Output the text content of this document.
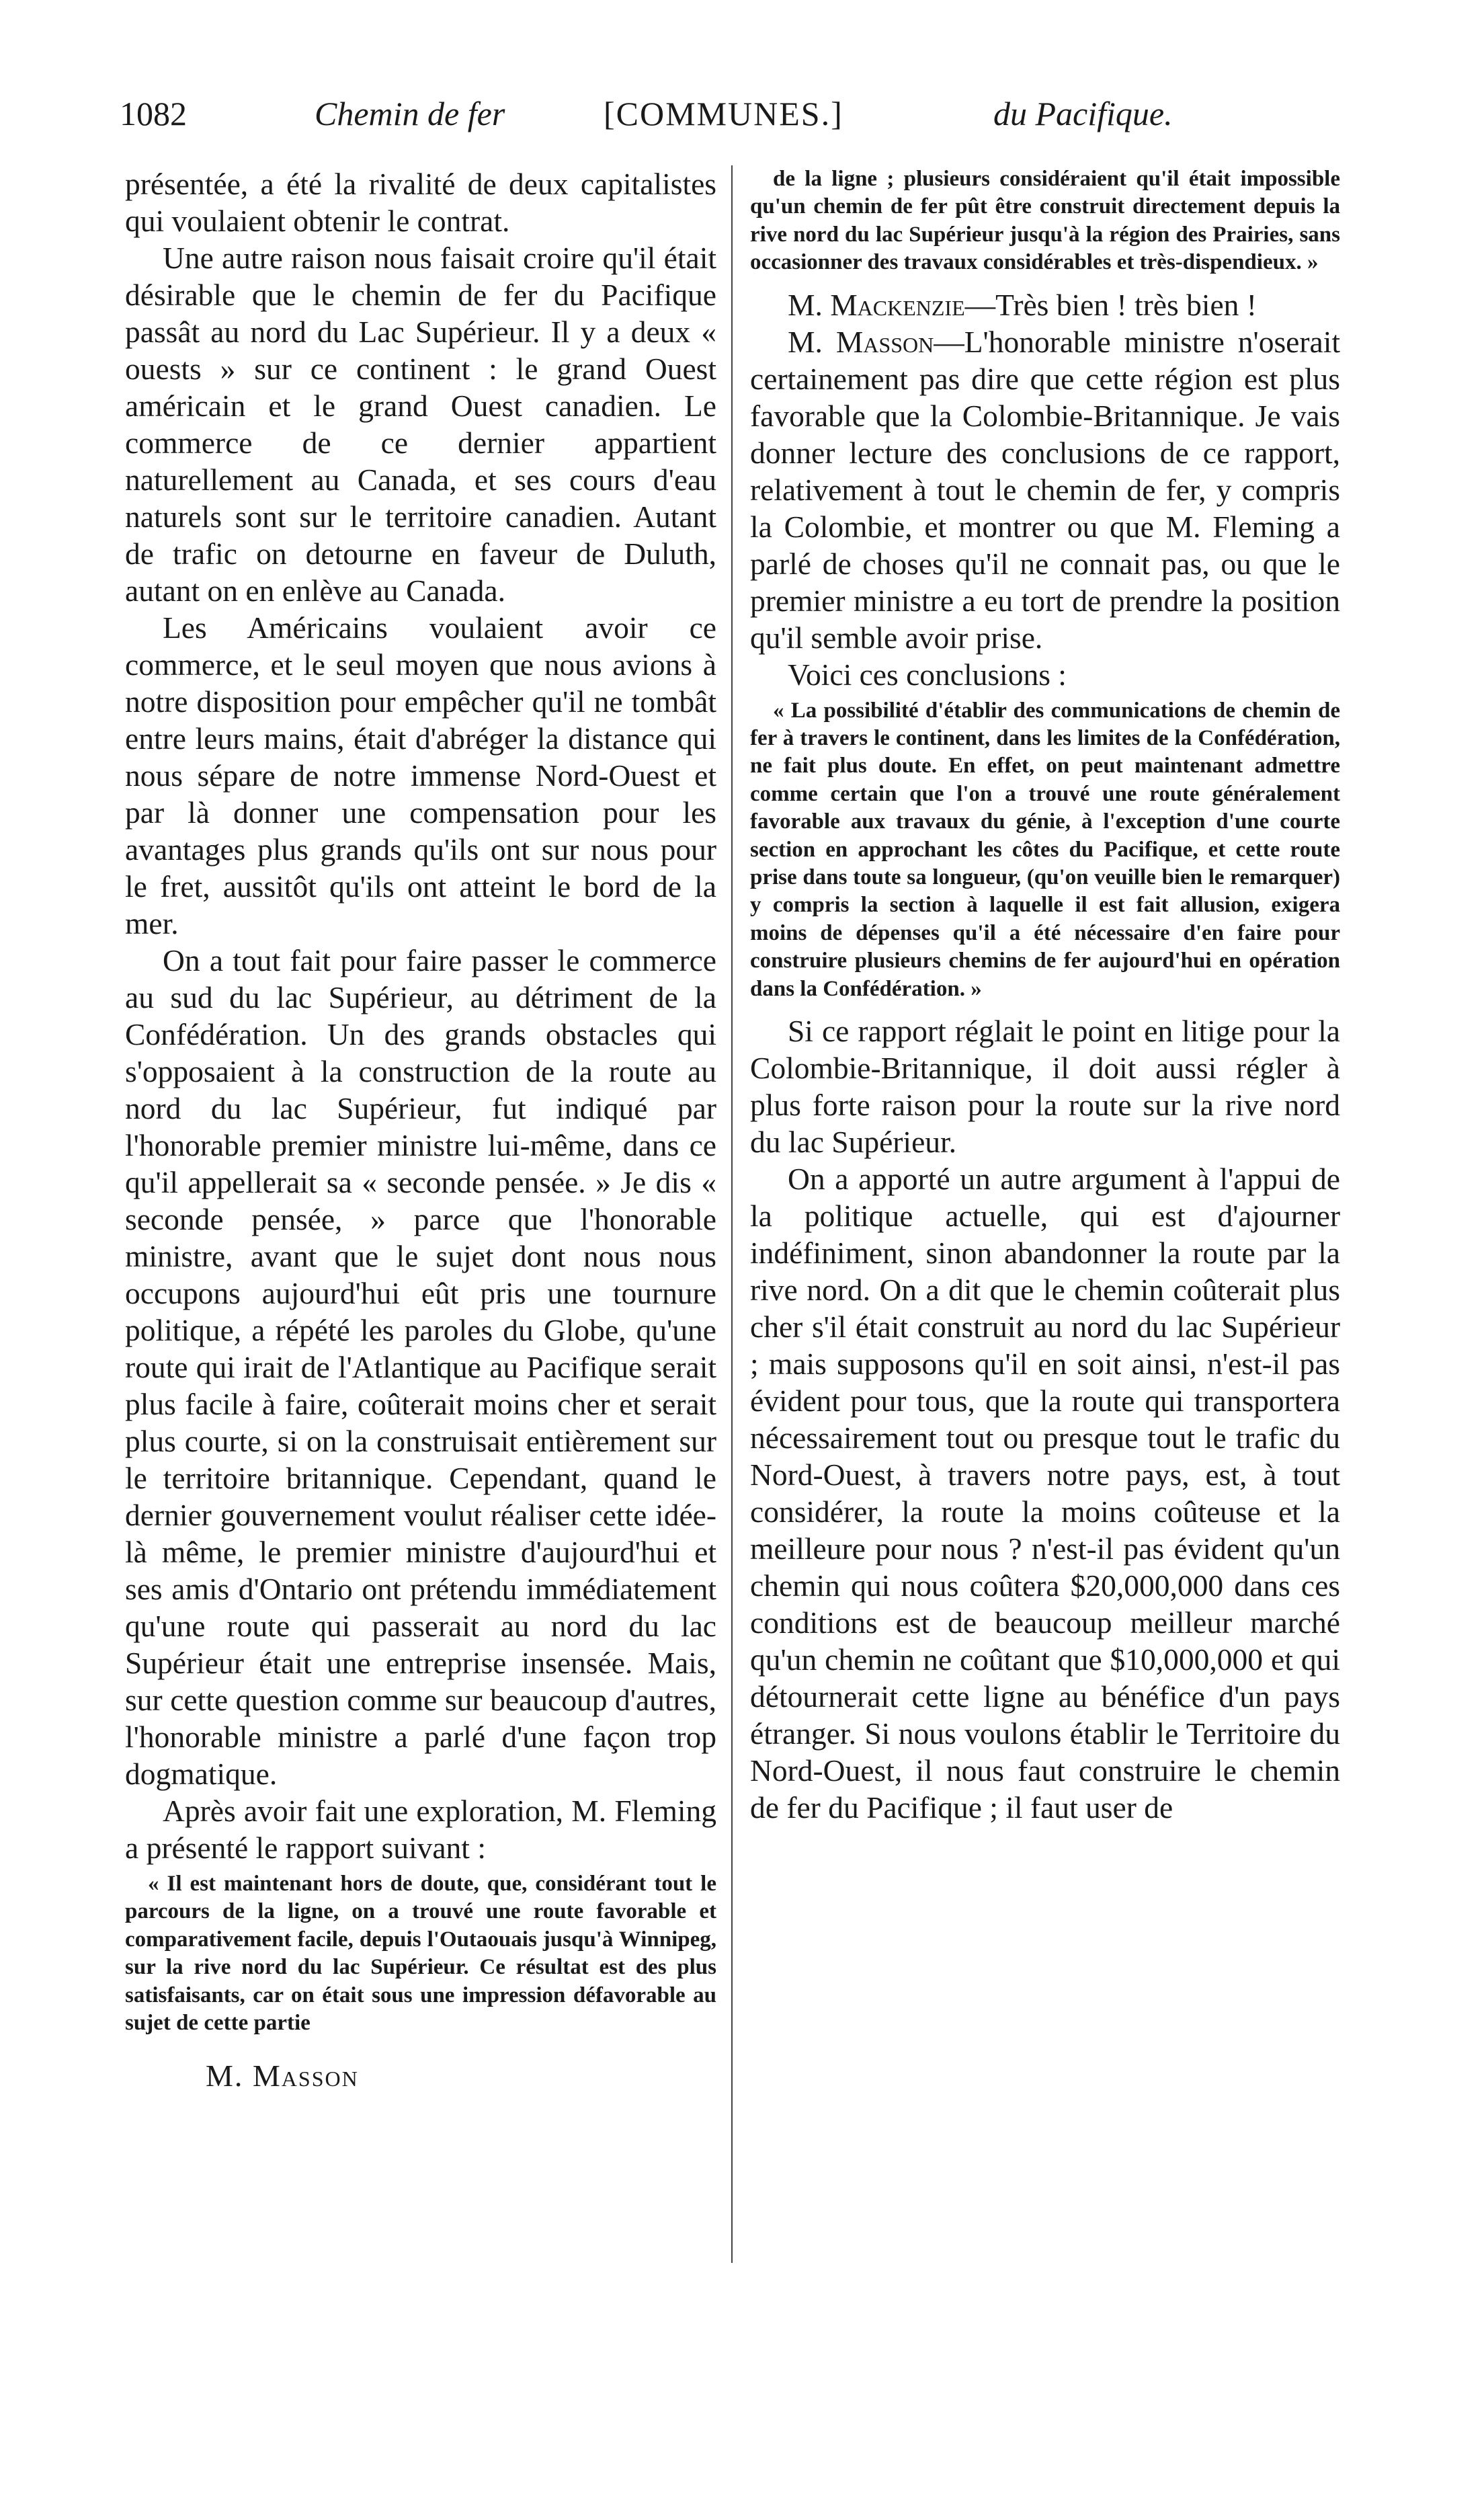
1082	Chemin de fer	[COMMUNES.]	du Pacifique.

présentée, a été la rivalité de deux capitalistes qui voulaient obtenir le contrat.

Une autre raison nous faisait croire qu'il était désirable que le chemin de fer du Pacifique passât au nord du Lac Supérieur. Il y a deux « ouests » sur ce continent : le grand Ouest américain et le grand Ouest canadien. Le commerce de ce dernier appartient naturellement au Canada, et ses cours d'eau naturels sont sur le territoire canadien. Autant de trafic on detourne en faveur de Duluth, autant on en enlève au Canada.

Les Américains voulaient avoir ce commerce, et le seul moyen que nous avions à notre disposition pour empêcher qu'il ne tombât entre leurs mains, était d'abréger la distance qui nous sépare de notre immense Nord-Ouest et par là donner une compensation pour les avantages plus grands qu'ils ont sur nous pour le fret, aussitôt qu'ils ont atteint le bord de la mer.

On a tout fait pour faire passer le commerce au sud du lac Supérieur, au détriment de la Confédération. Un des grands obstacles qui s'opposaient à la construction de la route au nord du lac Supérieur, fut indiqué par l'honorable premier ministre lui-même, dans ce qu'il appellerait sa « seconde pensée. » Je dis « seconde pensée, » parce que l'honorable ministre, avant que le sujet dont nous nous occupons aujourd'hui eût pris une tournure politique, a répété les paroles du Globe, qu'une route qui irait de l'Atlantique au Pacifique serait plus facile à faire, coûterait moins cher et serait plus courte, si on la construisait entièrement sur le territoire britannique. Cependant, quand le dernier gouvernement voulut réaliser cette idée-là même, le premier ministre d'aujourd'hui et ses amis d'Ontario ont prétendu immédiatement qu'une route qui passerait au nord du lac Supérieur était une entreprise insensée. Mais, sur cette question comme sur beaucoup d'autres, l'honorable ministre a parlé d'une façon trop dogmatique.

Après avoir fait une exploration, M. Fleming a présenté le rapport suivant :

« Il est maintenant hors de doute, que, considérant tout le parcours de la ligne, on a trouvé une route favorable et comparativement facile, depuis l'Outaouais jusqu'à Winnipeg, sur la rive nord du lac Supérieur. Ce résultat est des plus satisfaisants, car on était sous une impression défavorable au sujet de cette partie

M. Masson

de la ligne ; plusieurs considéraient qu'il était impossible qu'un chemin de fer pût être construit directement depuis la rive nord du lac Supérieur jusqu'à la région des Prairies, sans occasionner des travaux considérables et très-dispendieux. »

M. Mackenzie—Très bien ! très bien !

M. Masson—L'honorable ministre n'oserait certainement pas dire que cette région est plus favorable que la Colombie-Britannique. Je vais donner lecture des conclusions de ce rapport, relativement à tout le chemin de fer, y compris la Colombie, et montrer ou que M. Fleming a parlé de choses qu'il ne connait pas, ou que le premier ministre a eu tort de prendre la position qu'il semble avoir prise.

Voici ces conclusions :

« La possibilité d'établir des communications de chemin de fer à travers le continent, dans les limites de la Confédération, ne fait plus doute. En effet, on peut maintenant admettre comme certain que l'on a trouvé une route généralement favorable aux travaux du génie, à l'exception d'une courte section en approchant les côtes du Pacifique, et cette route prise dans toute sa longueur, (qu'on veuille bien le remarquer) y compris la section à laquelle il est fait allusion, exigera moins de dépenses qu'il a été nécessaire d'en faire pour construire plusieurs chemins de fer aujourd'hui en opération dans la Confédération. »

Si ce rapport réglait le point en litige pour la Colombie-Britannique, il doit aussi régler à plus forte raison pour la route sur la rive nord du lac Supérieur.

On a apporté un autre argument à l'appui de la politique actuelle, qui est d'ajourner indéfiniment, sinon abandonner la route par la rive nord. On a dit que le chemin coûterait plus cher s'il était construit au nord du lac Supérieur ; mais supposons qu'il en soit ainsi, n'est-il pas évident pour tous, que la route qui transportera nécessairement tout ou presque tout le trafic du Nord-Ouest, à travers notre pays, est, à tout considérer, la route la moins coûteuse et la meilleure pour nous ? n'est-il pas évident qu'un chemin qui nous coûtera $20,000,000 dans ces conditions est de beaucoup meilleur marché qu'un chemin ne coûtant que $10,000,000 et qui détournerait cette ligne au bénéfice d'un pays étranger. Si nous voulons établir le Territoire du Nord-Ouest, il nous faut construire le chemin de fer du Pacifique ; il faut user de
